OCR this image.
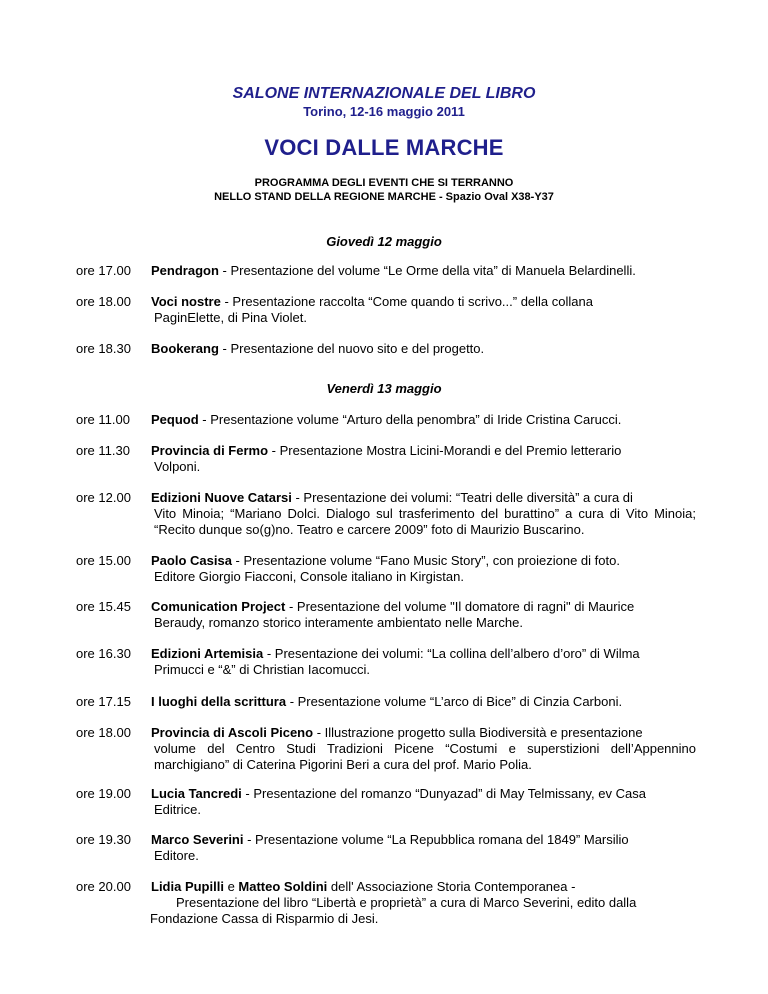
SALONE INTERNAZIONALE DEL LIBRO
Torino, 12-16 maggio 2011
VOCI DALLE MARCHE
PROGRAMMA DEGLI EVENTI CHE SI TERRANNO
NELLO STAND DELLA REGIONE MARCHE - Spazio Oval X38-Y37
Giovedì 12 maggio
ore 17.00 Pendragon - Presentazione del volume “Le Orme della vita” di Manuela Belardinelli.
ore 18.00 Voci nostre - Presentazione raccolta “Come quando ti scrivo...” della collana
PaginElette, di Pina Violet.
ore 18.30 Bookerang - Presentazione del nuovo sito e del progetto.
Venerdì 13 maggio
ore 11.00 Pequod - Presentazione volume “Arturo della penombra” di Iride Cristina Carucci.
ore 11.30 Provincia di Fermo - Presentazione Mostra Licini-Morandi e del Premio letterario
Volponi.
ore 12.00 Edizioni Nuove Catarsi - Presentazione dei volumi: “Teatri delle diversità” a cura di
Vito Minoia; “Mariano Dolci. Dialogo sul trasferimento del burattino” a cura di Vito Minoia; “Recito dunque so(g)no. Teatro e carcere 2009” foto di Maurizio Buscarino.
ore 15.00 Paolo Casisa - Presentazione volume “Fano Music Story”, con proiezione di foto.
Editore Giorgio Fiacconi, Console italiano in Kirgistan.
ore 15.45 Comunication Project - Presentazione del volume "Il domatore di ragni" di Maurice
Beraudy, romanzo storico interamente ambientato nelle Marche.
ore 16.30 Edizioni Artemisia - Presentazione dei volumi: “La collina dell’albero d’oro” di Wilma
Primucci e “&” di Christian Iacomucci.
ore 17.15 I luoghi della scrittura - Presentazione volume “L’arco di Bice” di Cinzia Carboni.
ore 18.00 Provincia di Ascoli Piceno - Illustrazione progetto sulla Biodiversità e presentazione
volume del Centro Studi Tradizioni Picene “Costumi e superstizioni dell’Appennino marchigiano” di Caterina Pigorini Beri a cura del prof. Mario Polia.
ore 19.00 Lucia Tancredi - Presentazione del romanzo “Dunyazad” di May Telmissany, ev Casa
Editrice.
ore 19.30 Marco Severini - Presentazione volume “La Repubblica romana del 1849” Marsilio
Editore.
ore 20.00 Lidia Pupilli e Matteo Soldini dell' Associazione Storia Contemporanea -
Presentazione del libro “Libertà e proprietà” a cura di Marco Severini, edito dalla
Fondazione Cassa di Risparmio di Jesi.
